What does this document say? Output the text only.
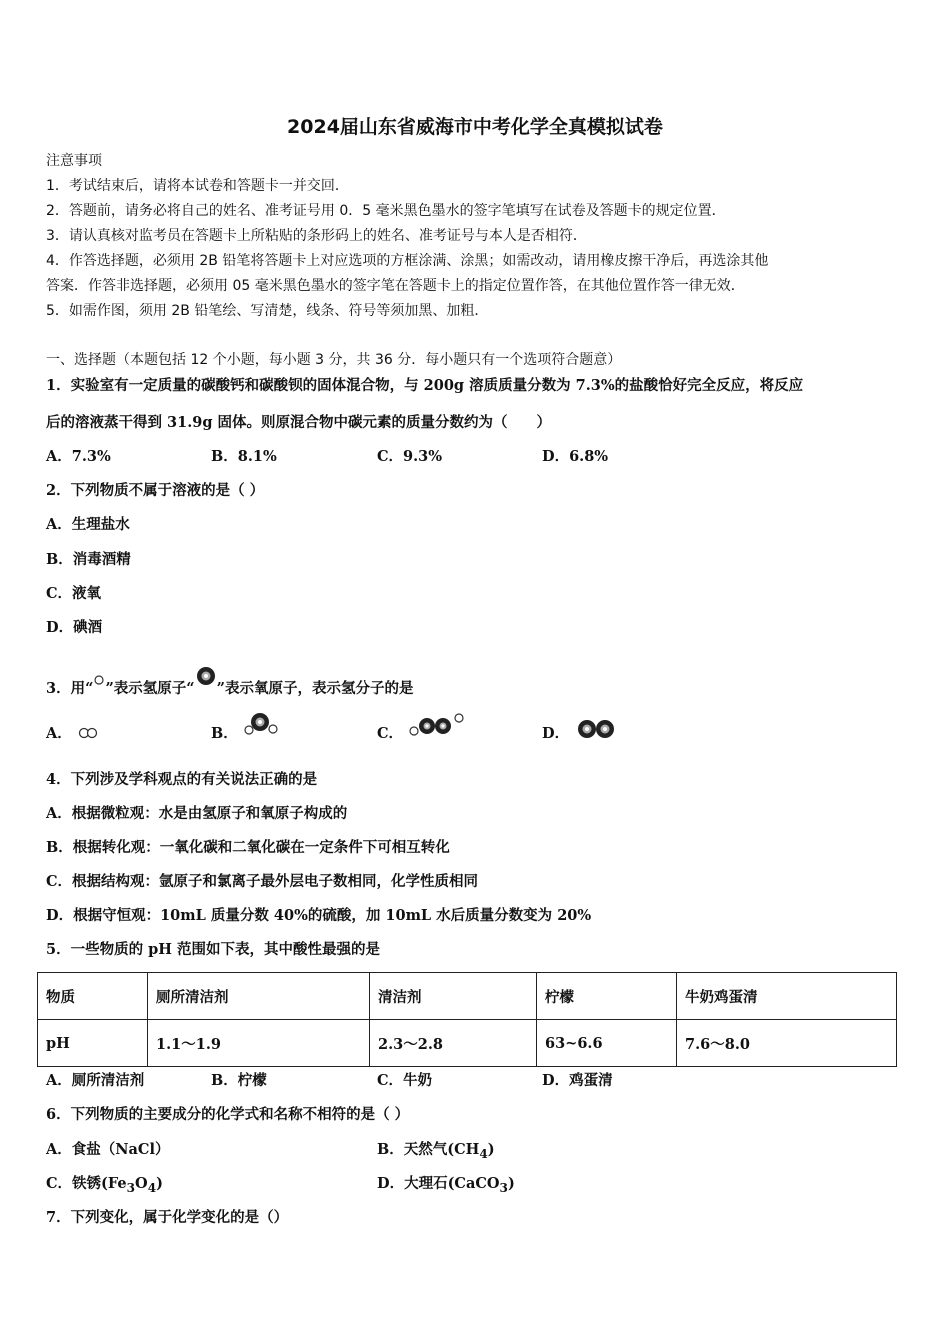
2024届山东省威海市中考化学全真模拟试卷
注意事项
1．考试结束后，请将本试卷和答题卡一并交回．
2．答题前，请务必将自己的姓名、准考证号用 0．5 毫米黑色墨水的签字笔填写在试卷及答题卡的规定位置．
3．请认真核对监考员在答题卡上所粘贴的条形码上的姓名、准考证号与本人是否相符．
4．作答选择题，必须用 2B 铅笔将答题卡上对应选项的方框涂满、涂黑；如需改动，请用橡皮擦干净后，再选涂其他
答案．作答非选择题，必须用 05 毫米黑色墨水的签字笔在答题卡上的指定位置作答，在其他位置作答一律无效．
5．如需作图，须用 2B 铅笔绘、写清楚，线条、符号等须加黑、加粗．
一、选择题（本题包括 12 个小题，每小题 3 分，共 36 分．每小题只有一个选项符合题意）
1．实验室有一定质量的碳酸钙和碳酸钡的固体混合物，与 200g 溶质质量分数为 7.3%的盐酸恰好完全反应，将反应
后的溶液蒸干得到 31.9g 固体。则原混合物中碳元素的质量分数约为（　　）
A．7.3%	B．8.1%	C．9.3%	D．6.8%
2．下列物质不属于溶液的是（ ）
A．生理盐水
B．消毒酒精
C．液氧
D．碘酒
3．用“ ”表示氢原子“ ”表示氧原子，表示氢分子的是
A．	B．	C．	D．
4．下列涉及学科观点的有关说法正确的是
A．根据微粒观：水是由氢原子和氧原子构成的
B．根据转化观：一氧化碳和二氧化碳在一定条件下可相互转化
C．根据结构观：氩原子和氯离子最外层电子数相同，化学性质相同
D．根据守恒观：10mL 质量分数 40%的硫酸，加 10mL 水后质量分数变为 20%
5．一些物质的 pH 范围如下表，其中酸性最强的是
物质	厕所清洁剂	清洁剂	柠檬	牛奶鸡蛋清
pH	1.1～1.9	2.3～2.8	63~6.6	7.6～8.0
A．厕所清洁剂	B．柠檬	C．牛奶	D．鸡蛋清
6．下列物质的主要成分的化学式和名称不相符的是（ ）
A．食盐（NaCl）	B．天然气$(CH_4)$
C．铁锈$(Fe_3O_4)$	D．大理石(CaCO$_3$)
7．下列变化，属于化学变化的是（）
